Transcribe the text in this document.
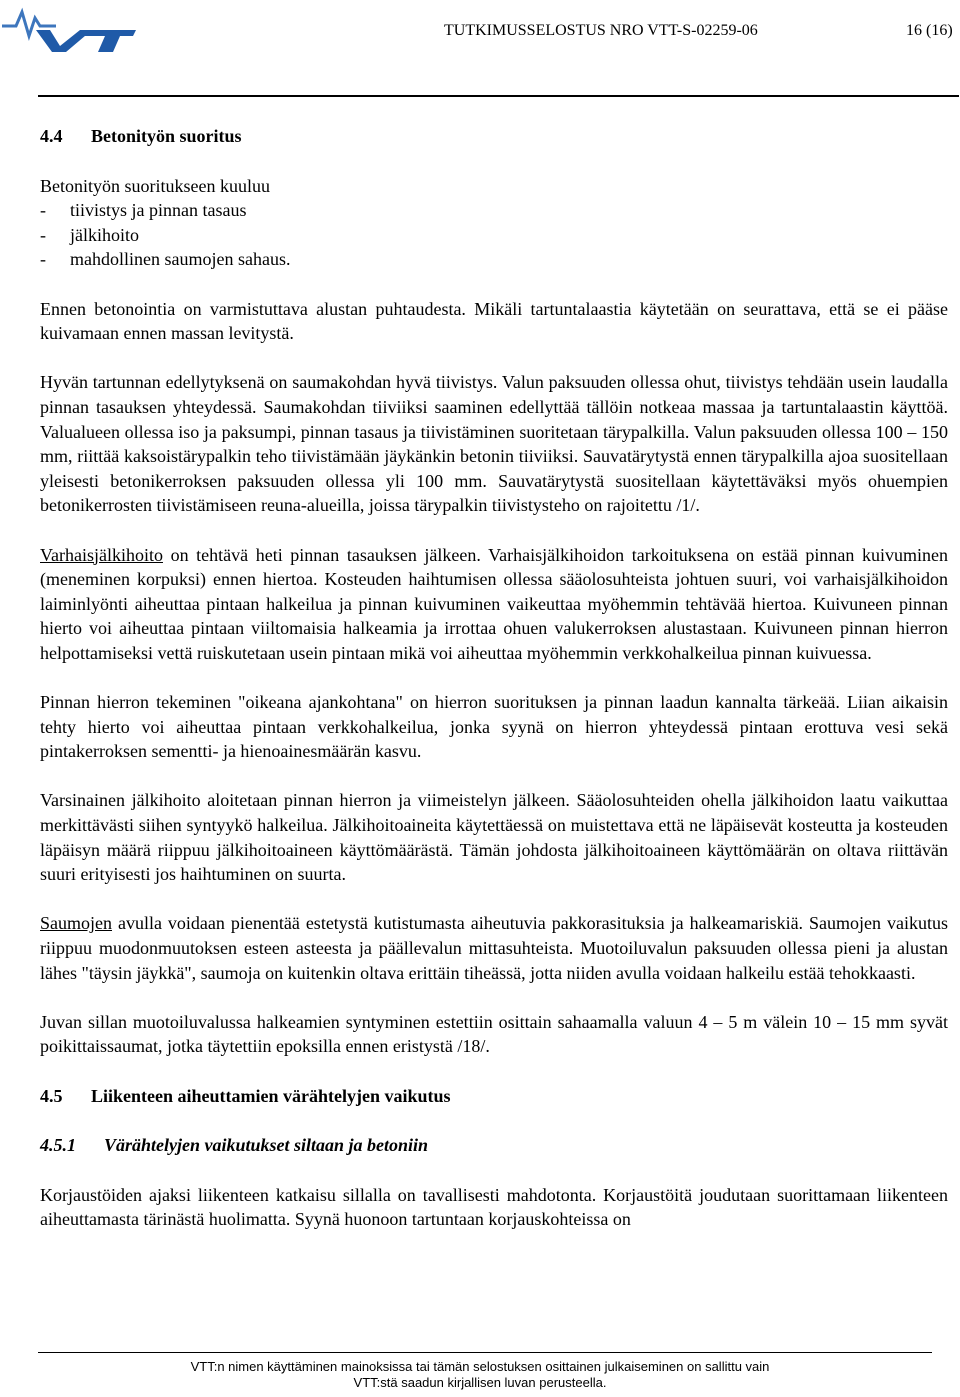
TUTKIMUSSELOSTUS NRO VTT-S-02259-06	16 (16)
4.4 Betonityön suoritus
Betonityön suoritukseen kuuluu
- tiivistys ja pinnan tasaus
- jälkihoito
- mahdollinen saumojen sahaus.

Ennen betonointia on varmistuttava alustan puhtaudesta. Mikäli tartuntalaastia käytetään on seurattava, että se ei pääse kuivamaan ennen massan levitystä.

Hyvän tartunnan edellytyksenä on saumakohdan hyvä tiivistys. Valun paksuuden ollessa ohut, tiivistys tehdään usein laudalla pinnan tasauksen yhteydessä. Saumakohdan tiiviiksi saaminen edellyttää tällöin notkeaa massaa ja tartuntalaastin käyttöä. Valualueen ollessa iso ja paksumpi, pinnan tasaus ja tiivistäminen suoritetaan tärypalkilla. Valun paksuuden ollessa 100 – 150 mm, riittää kaksoistärypalkin teho tiivistämään jäykänkin betonin tiiviiksi. Sauvatärytystä ennen tärypalkilla ajoa suositellaan yleisesti betonikerroksen paksuuden ollessa yli 100 mm. Sauvatärytystä suositellaan käytettäväksi myös ohuempien betonikerrosten tiivistämiseen reuna-alueilla, joissa tärypalkin tiivistysteho on rajoitettu /1/.

Varhaisjälkihoito on tehtävä heti pinnan tasauksen jälkeen. Varhaisjälkihoidon tarkoituksena on estää pinnan kuivuminen (meneminen korpuksi) ennen hiertoa. Kosteuden haihtumisen ollessa sääolosuhteista johtuen suuri, voi varhaisjälkihoidon laiminlyönti aiheuttaa pintaan halkeilua ja pinnan kuivuminen vaikeuttaa myöhemmin tehtävää hiertoa. Kuivuneen pinnan hierto voi aiheuttaa pintaan viiltomaisia halkeamia ja irrottaa ohuen valukerroksen alustastaan. Kuivuneen pinnan hierron helpottamiseksi vettä ruiskutetaan usein pintaan mikä voi aiheuttaa myöhemmin verkkohalkeilua pinnan kuivuessa.

Pinnan hierron tekeminen "oikeana ajankohtana" on hierron suorituksen ja pinnan laadun kannalta tärkeää. Liian aikaisin tehty hierto voi aiheuttaa pintaan verkkohalkeilua, jonka syynä on hierron yhteydessä pintaan erottuva vesi sekä pintakerroksen sementti- ja hienoainesmäärän kasvu.

Varsinainen jälkihoito aloitetaan pinnan hierron ja viimeistelyn jälkeen. Sääolosuhteiden ohella jälkihoidon laatu vaikuttaa merkittävästi siihen syntyykö halkeilua. Jälkihoitoaineita käytettäessä on muistettava että ne läpäisevät kosteutta ja kosteuden läpäisyn määrä riippuu jälkihoitoaineen käyttömäärästä. Tämän johdosta jälkihoitoaineen käyttömäärän on oltava riittävän suuri erityisesti jos haihtuminen on suurta.

Saumojen avulla voidaan pienentää estetystä kutistumasta aiheutuvia pakkorasituksia ja halkeamariskiä. Saumojen vaikutus riippuu muodonmuutoksen esteen asteesta ja päällevalun mittasuhteista. Muotoiluvalun paksuuden ollessa pieni ja alustan lähes "täysin jäykkä", saumoja on kuitenkin oltava erittäin tiheässä, jotta niiden avulla voidaan halkeilu estää tehokkaasti.

Juvan sillan muotoiluvalussa halkeamien syntyminen estettiin osittain sahaamalla valuun 4 – 5 m välein 10 – 15 mm syvät poikittaissaumat, jotka täytettiin epoksilla ennen eristystä /18/.

4.5 Liikenteen aiheuttamien värähtelyjen vaikutus
4.5.1 Värähtelyjen vaikutukset siltaan ja betoniin

Korjaustöiden ajaksi liikenteen katkaisu sillalla on tavallisesti mahdotonta. Korjaustöitä joudutaan suorittamaan liikenteen aiheuttamasta tärinästä huolimatta. Syynä huonoon tartuntaan korjauskohteissa on

VTT:n nimen käyttäminen mainoksissa tai tämän selostuksen osittainen julkaiseminen on sallittu vain
VTT:stä saadun kirjallisen luvan perusteella.
